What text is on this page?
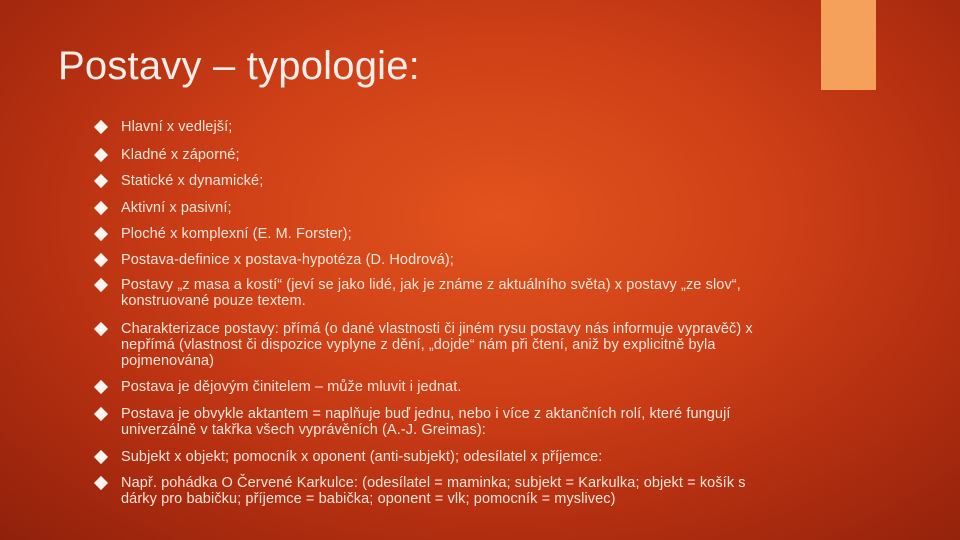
Postavy – typologie:

Hlavní x vedlejší;

Kladné x záporné;

Statické x dynamické;

Aktivní x pasivní;

Ploché x komplexní (E. M. Forster);

Postava-definice x postava-hypotéza (D. Hodrová);

Postavy „z masa a kostí“ (jeví se jako lidé, jak je známe z aktuálního světa) x postavy „ze slov“,
konstruované pouze textem.

Charakterizace postavy: přímá (o dané vlastnosti či jiném rysu postavy nás informuje vypravěč) x
nepřímá (vlastnost či dispozice vyplyne z dění, „dojde“ nám při čtení, aniž by explicitně byla
pojmenována)

Postava je dějovým činitelem – může mluvit i jednat.

Postava je obvykle aktantem = naplňuje buď jednu, nebo i více z aktančních rolí, které fungují
univerzálně v takřka všech vyprávěních (A.-J. Greimas):

Subjekt x objekt; pomocník x oponent (anti-subjekt); odesílatel x příjemce:

Např. pohádka O Červené Karkulce: (odesílatel = maminka; subjekt = Karkulka; objekt = košík s
dárky pro babičku; příjemce = babička; oponent = vlk; pomocník = myslivec)
